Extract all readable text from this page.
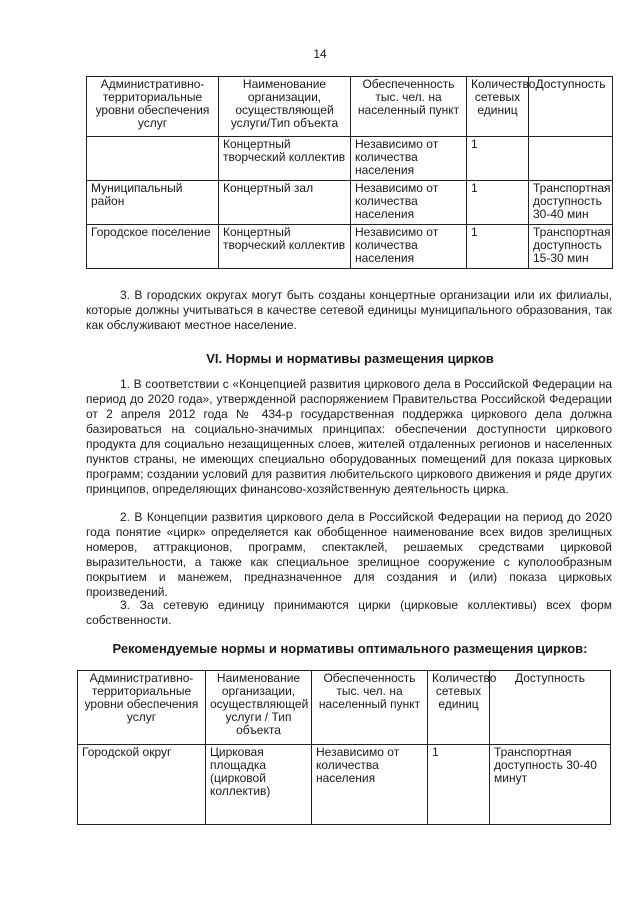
14
Административно-территориальные уровни обеспечения услуг	Наименование организации, осуществляющей услуги/Тип объекта	Обеспеченность тыс. чел. на населенный пункт	Количество сетевых единиц	Доступность
	Концертный творческий коллектив	Независимо от количества населения	1	
Муниципальный район	Концертный зал	Независимо от количества населения	1	Транспортная доступность 30-40 мин
Городское поселение	Концертный творческий коллектив	Независимо от количества населения	1	Транспортная доступность 15-30 мин

3. В городских округах могут быть созданы концертные организации или их филиалы, которые должны учитываться в качестве сетевой единицы муниципального образования, так как обслуживают местное население.

VI. Нормы и нормативы размещения цирков

1. В соответствии с «Концепцией развития циркового дела в Российской Федерации на период до 2020 года», утвержденной распоряжением Правительства Российской Федерации от 2 апреля 2012 года № 434-р государственная поддержка циркового дела должна базироваться на социально-значимых принципах: обеспечении доступности циркового продукта для социально незащищенных слоев, жителей отдаленных регионов и населенных пунктов страны, не имеющих специально оборудованных помещений для показа цирковых программ; создании условий для развития любительского циркового движения и ряде других принципов, определяющих финансово-хозяйственную деятельность цирка.

2. В Концепции развития циркового дела в Российской Федерации на период до 2020 года понятие «цирк» определяется как обобщенное наименование всех видов зрелищных номеров, аттракционов, программ, спектаклей, решаемых средствами цирковой выразительности, а также как специальное зрелищное сооружение с куполообразным покрытием и манежем, предназначенное для создания и (или) показа цирковых произведений.

3. За сетевую единицу принимаются цирки (цирковые коллективы) всех форм собственности.

Рекомендуемые нормы и нормативы оптимального размещения цирков:
Административно-территориальные уровни обеспечения услуг	Наименование организации, осуществляющей услуги / Тип объекта	Обеспеченность тыс. чел. на населенный пункт	Количество сетевых единиц	Доступность
Городской округ	Цирковая площадка (цирковой коллектив)	Независимо от количества населения	1	Транспортная доступность 30-40 минут
